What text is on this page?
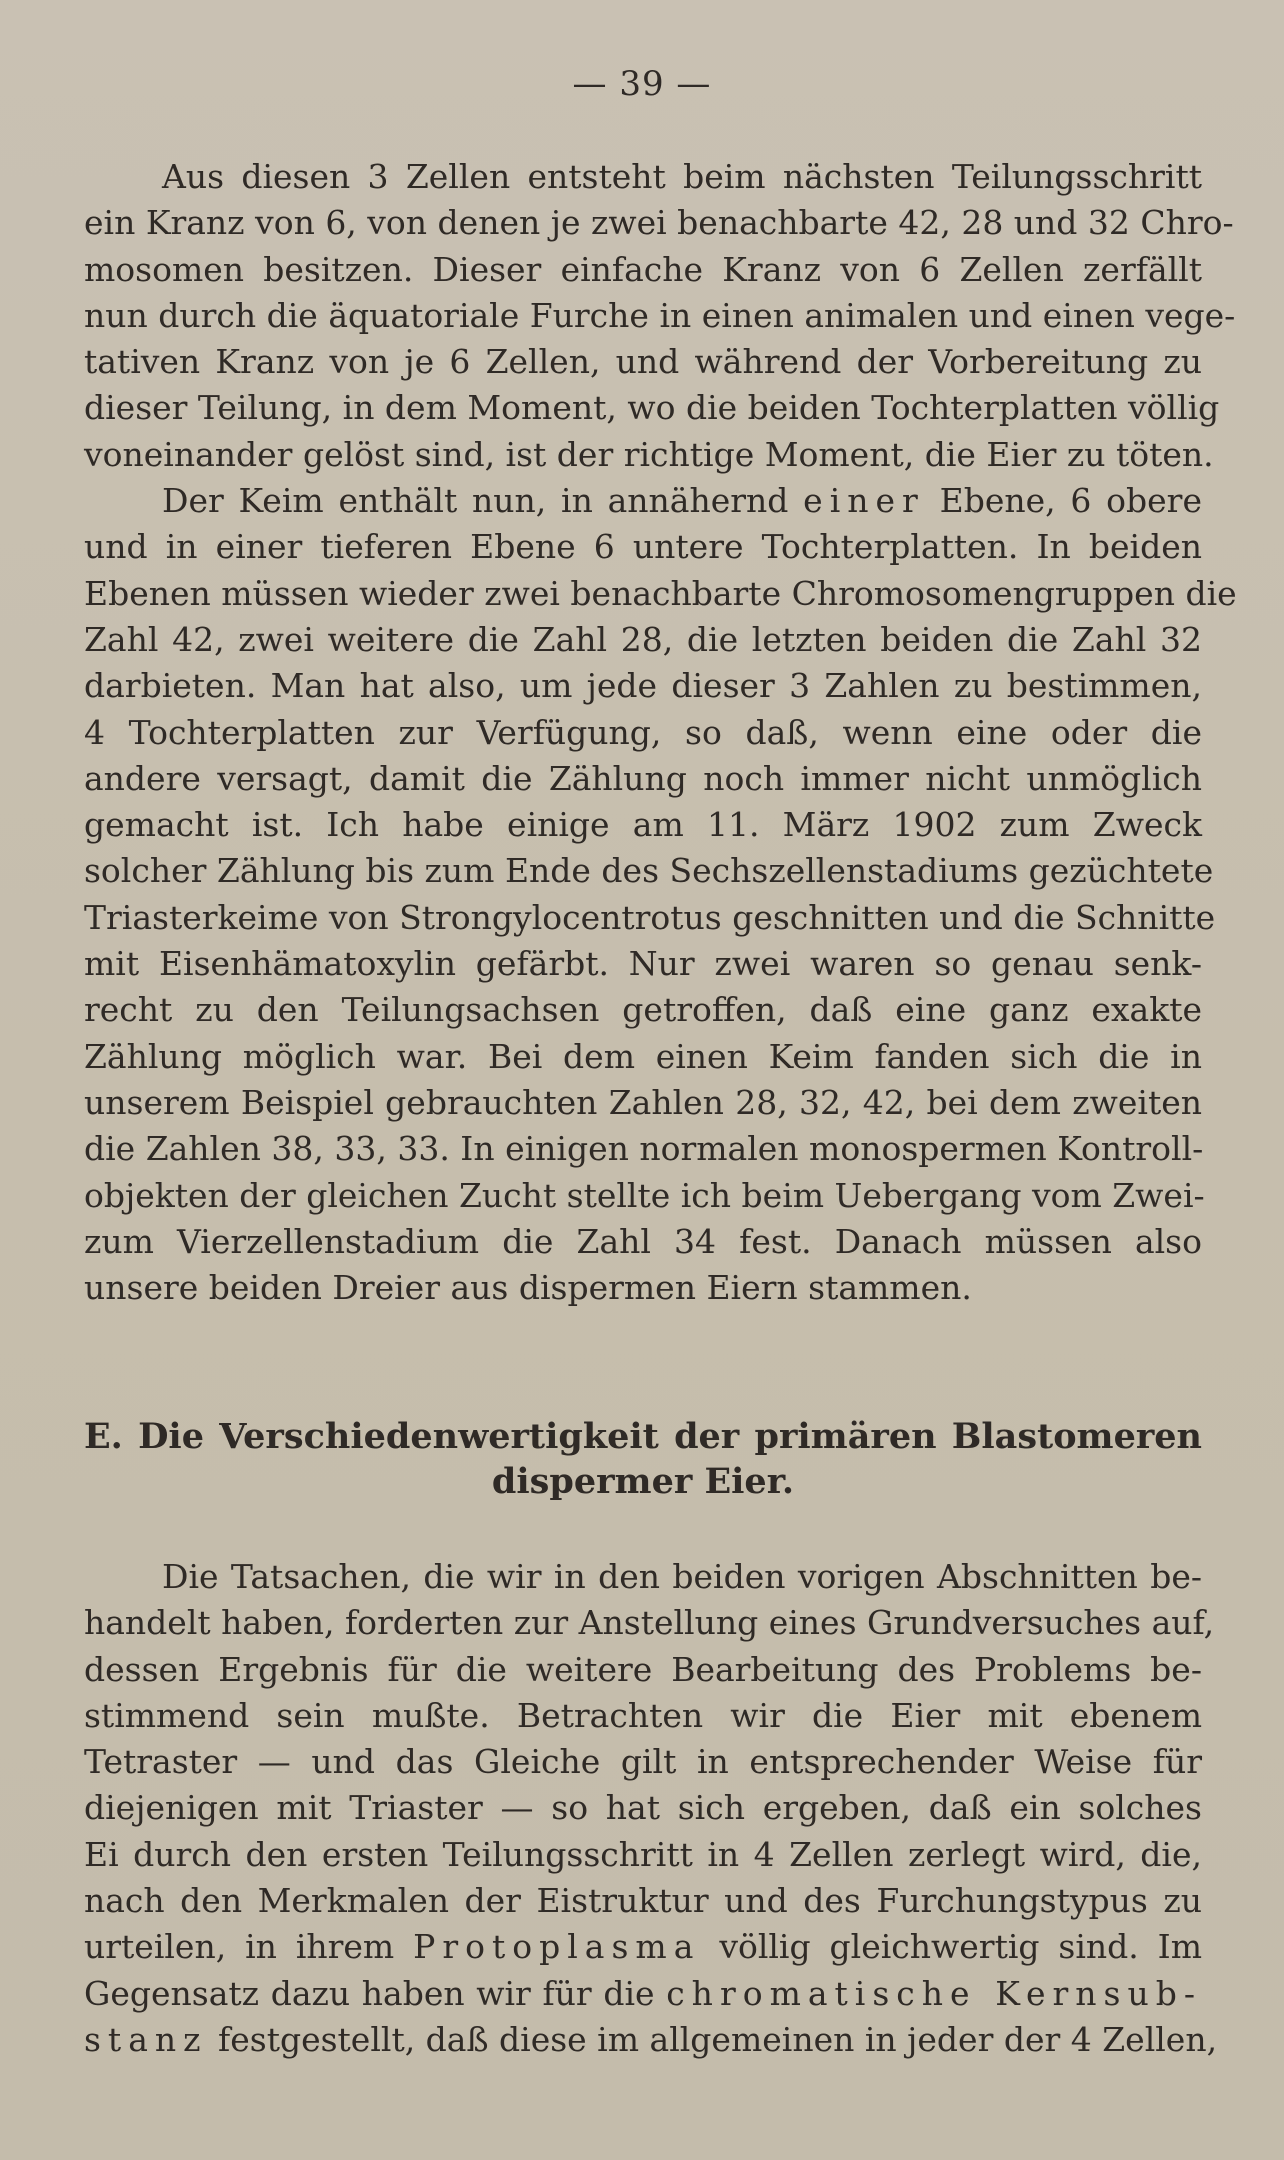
— 39 —
Aus diesen 3 Zellen entsteht beim nächsten Teilungsschritt
ein Kranz von 6, von denen je zwei benachbarte 42, 28 und 32 Chro-
mosomen besitzen. Dieser einfache Kranz von 6 Zellen zerfällt
nun durch die äquatoriale Furche in einen animalen und einen vege-
tativen Kranz von je 6 Zellen, und während der Vorbereitung zu
dieser Teilung, in dem Moment, wo die beiden Tochterplatten völlig
voneinander gelöst sind, ist der richtige Moment, die Eier zu töten.
Der Keim enthält nun, in annähernd einer Ebene, 6 obere
und in einer tieferen Ebene 6 untere Tochterplatten. In beiden
Ebenen müssen wieder zwei benachbarte Chromosomengruppen die
Zahl 42, zwei weitere die Zahl 28, die letzten beiden die Zahl 32
darbieten. Man hat also, um jede dieser 3 Zahlen zu bestimmen,
4 Tochterplatten zur Verfügung, so daß, wenn eine oder die
andere versagt, damit die Zählung noch immer nicht unmöglich
gemacht ist. Ich habe einige am 11. März 1902 zum Zweck
solcher Zählung bis zum Ende des Sechszellenstadiums gezüchtete
Triasterkeime von Strongylocentrotus geschnitten und die Schnitte
mit Eisenhämatoxylin gefärbt. Nur zwei waren so genau senk-
recht zu den Teilungsachsen getroffen, daß eine ganz exakte
Zählung möglich war. Bei dem einen Keim fanden sich die in
unserem Beispiel gebrauchten Zahlen 28, 32, 42, bei dem zweiten
die Zahlen 38, 33, 33. In einigen normalen monospermen Kontroll-
objekten der gleichen Zucht stellte ich beim Uebergang vom Zwei-
zum Vierzellenstadium die Zahl 34 fest. Danach müssen also
unsere beiden Dreier aus dispermen Eiern stammen.
E. Die Verschiedenwertigkeit der primären Blastomeren
dispermer Eier.
Die Tatsachen, die wir in den beiden vorigen Abschnitten be-
handelt haben, forderten zur Anstellung eines Grundversuches auf,
dessen Ergebnis für die weitere Bearbeitung des Problems be-
stimmend sein mußte. Betrachten wir die Eier mit ebenem
Tetraster — und das Gleiche gilt in entsprechender Weise für
diejenigen mit Triaster — so hat sich ergeben, daß ein solches
Ei durch den ersten Teilungsschritt in 4 Zellen zerlegt wird, die,
nach den Merkmalen der Eistruktur und des Furchungstypus zu
urteilen, in ihrem Protoplasma völlig gleichwertig sind. Im
Gegensatz dazu haben wir für die chromatische Kernsub-
stanz festgestellt, daß diese im allgemeinen in jeder der 4 Zellen,
